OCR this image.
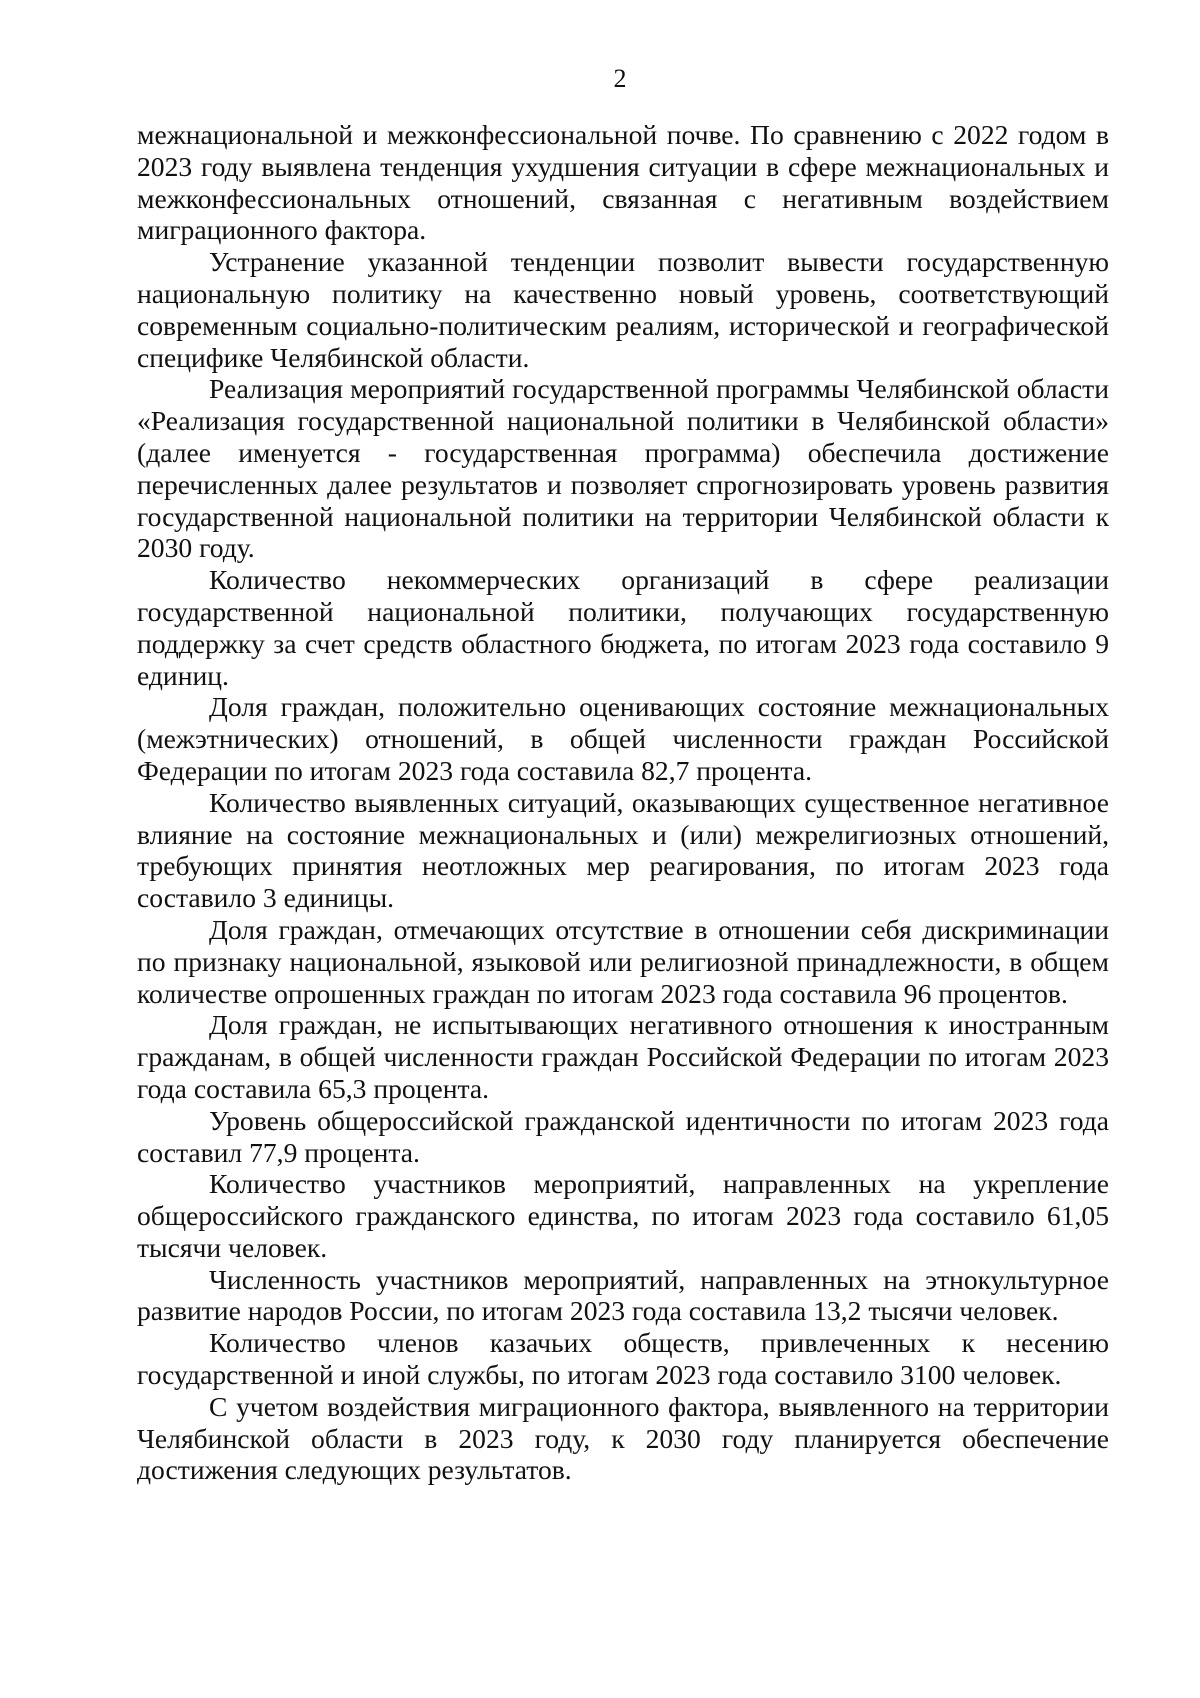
2

межнациональной и межконфессиональной почве. По сравнению с 2022 годом в 2023 году выявлена тенденция ухудшения ситуации в сфере межнациональных и межконфессиональных отношений, связанная с негативным воздействием миграционного фактора.

Устранение указанной тенденции позволит вывести государственную национальную политику на качественно новый уровень, соответствующий современным социально-политическим реалиям, исторической и географической специфике Челябинской области.

Реализация мероприятий государственной программы Челябинской области «Реализация государственной национальной политики в Челябинской области» (далее именуется - государственная программа) обеспечила достижение перечисленных далее результатов и позволяет спрогнозировать уровень развития государственной национальной политики на территории Челябинской области к 2030 году.

Количество некоммерческих организаций в сфере реализации государственной национальной политики, получающих государственную поддержку за счет средств областного бюджета, по итогам 2023 года составило 9 единиц.

Доля граждан, положительно оценивающих состояние межнациональных (межэтнических) отношений, в общей численности граждан Российской Федерации по итогам 2023 года составила 82,7 процента.

Количество выявленных ситуаций, оказывающих существенное негативное влияние на состояние межнациональных и (или) межрелигиозных отношений, требующих принятия неотложных мер реагирования, по итогам 2023 года составило 3 единицы.

Доля граждан, отмечающих отсутствие в отношении себя дискриминации по признаку национальной, языковой или религиозной принадлежности, в общем количестве опрошенных граждан по итогам 2023 года составила 96 процентов.

Доля граждан, не испытывающих негативного отношения к иностранным гражданам, в общей численности граждан Российской Федерации по итогам 2023 года составила 65,3 процента.

Уровень общероссийской гражданской идентичности по итогам 2023 года составил 77,9 процента.

Количество участников мероприятий, направленных на укрепление общероссийского гражданского единства, по итогам 2023 года составило 61,05 тысячи человек.

Численность участников мероприятий, направленных на этнокультурное развитие народов России, по итогам 2023 года составила 13,2 тысячи человек.

Количество членов казачьих обществ, привлеченных к несению государственной и иной службы, по итогам 2023 года составило 3100 человек.

С учетом воздействия миграционного фактора, выявленного на территории Челябинской области в 2023 году, к 2030 году планируется обеспечение достижения следующих результатов.
